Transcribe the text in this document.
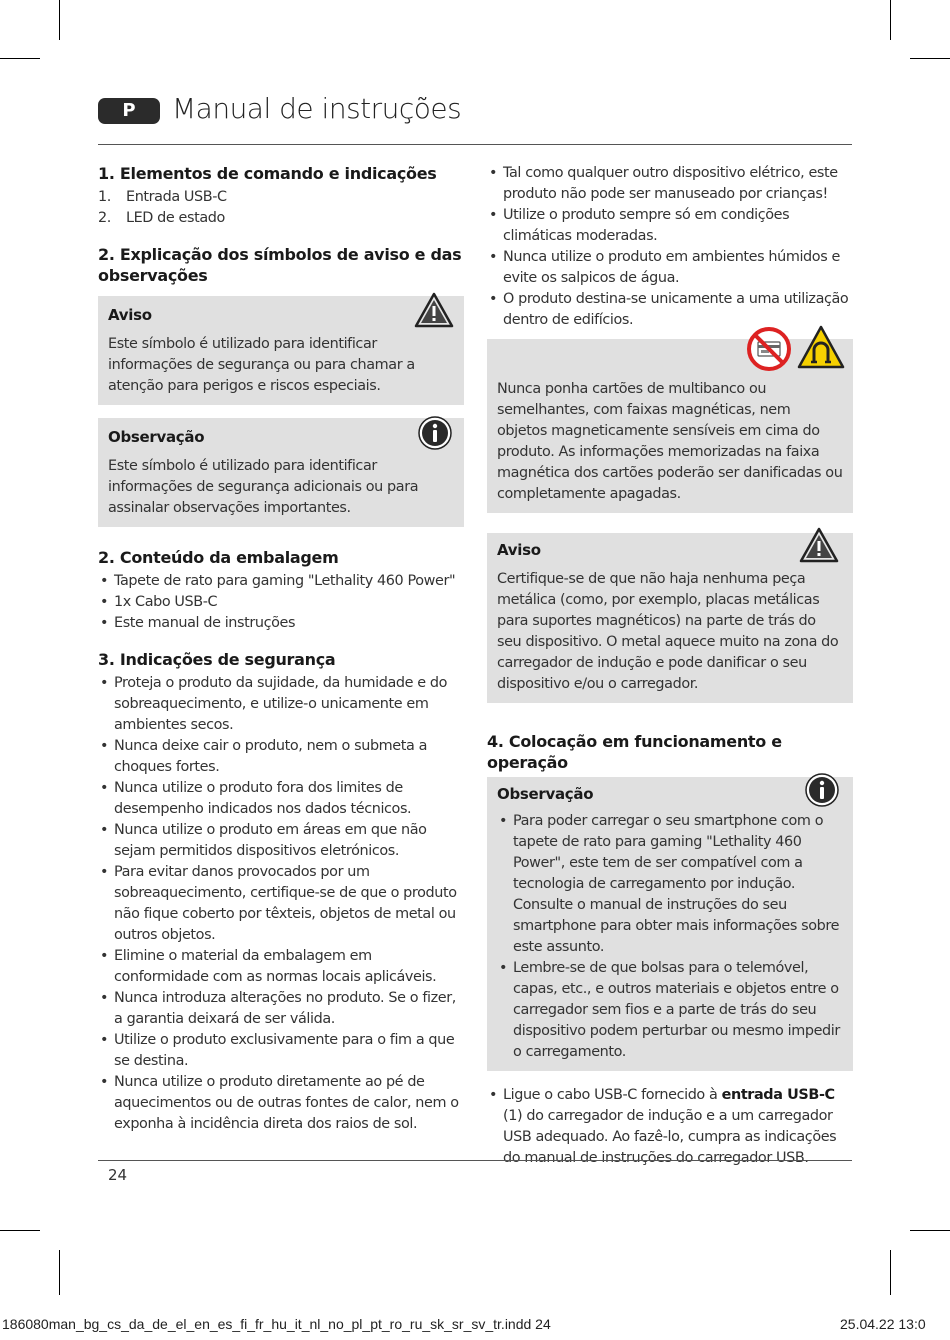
P	Manual de instruções
1. Elementos de comando e indicações
1. Entrada USB-C
2. LED de estado
2. Explicação dos símbolos de aviso e das observações
Aviso
Este símbolo é utilizado para identificar informações de segurança ou para chamar a atenção para perigos e riscos especiais.
Observação
Este símbolo é utilizado para identificar informações de segurança adicionais ou para assinalar observações importantes.
2. Conteúdo da embalagem
• Tapete de rato para gaming "Lethality 460 Power"
• 1x Cabo USB-C
• Este manual de instruções
3. Indicações de segurança
• Proteja o produto da sujidade, da humidade e do sobreaquecimento, e utilize-o unicamente em ambientes secos.
• Nunca deixe cair o produto, nem o submeta a choques fortes.
• Nunca utilize o produto fora dos limites de desempenho indicados nos dados técnicos.
• Nunca utilize o produto em áreas em que não sejam permitidos dispositivos eletrónicos.
• Para evitar danos provocados por um sobreaquecimento, certifique-se de que o produto não fique coberto por têxteis, objetos de metal ou outros objetos.
• Elimine o material da embalagem em conformidade com as normas locais aplicáveis.
• Nunca introduza alterações no produto. Se o fizer, a garantia deixará de ser válida.
• Utilize o produto exclusivamente para o fim a que se destina.
• Nunca utilize o produto diretamente ao pé de aquecimentos ou de outras fontes de calor, nem o exponha à incidência direta dos raios de sol.
• Tal como qualquer outro dispositivo elétrico, este produto não pode ser manuseado por crianças!
• Utilize o produto sempre só em condições climáticas moderadas.
• Nunca utilize o produto em ambientes húmidos e evite os salpicos de água.
• O produto destina-se unicamente a uma utilização dentro de edifícios.
Nunca ponha cartões de multibanco ou semelhantes, com faixas magnéticas, nem objetos magneticamente sensíveis em cima do produto. As informações memorizadas na faixa magnética dos cartões poderão ser danificadas ou completamente apagadas.
Aviso
Certifique-se de que não haja nenhuma peça metálica (como, por exemplo, placas metálicas para suportes magnéticos) na parte de trás do seu dispositivo. O metal aquece muito na zona do carregador de indução e pode danificar o seu dispositivo e/ou o carregador.
4. Colocação em funcionamento e operação
Observação
• Para poder carregar o seu smartphone com o tapete de rato para gaming "Lethality 460 Power", este tem de ser compatível com a tecnologia de carregamento por indução. Consulte o manual de instruções do seu smartphone para obter mais informações sobre este assunto.
• Lembre-se de que bolsas para o telemóvel, capas, etc., e outros materiais e objetos entre o carregador sem fios e a parte de trás do seu dispositivo podem perturbar ou mesmo impedir o carregamento.
• Ligue o cabo USB-C fornecido à entrada USB-C (1) do carregador de indução e a um carregador USB adequado. Ao fazê-lo, cumpra as indicações do manual de instruções do carregador USB.
24
186080man_bg_cs_da_de_el_en_es_fi_fr_hu_it_nl_no_pl_pt_ro_ru_sk_sr_sv_tr.indd 24	25.04.22 13:0
